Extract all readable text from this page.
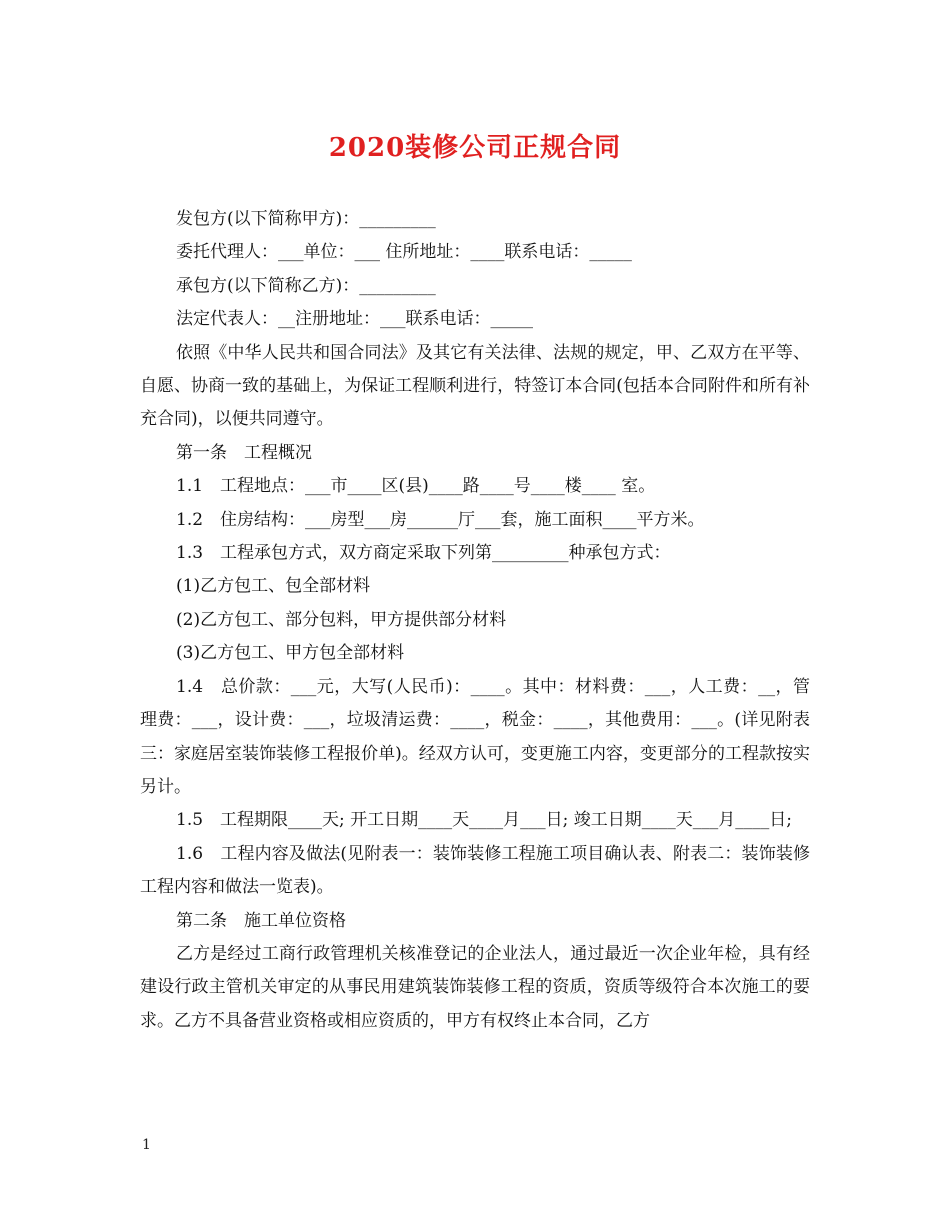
2020装修公司正规合同

发包方(以下简称甲方)：_________

委托代理人：___单位：___ 住所地址：____联系电话：_____

承包方(以下简称乙方)：_________

法定代表人：__注册地址：___联系电话：_____

依照《中华人民共和国合同法》及其它有关法律、法规的规定，甲、乙双方在平等、自愿、协商一致的基础上，为保证工程顺利进行，特签订本合同(包括本合同附件和所有补充合同)，以便共同遵守。

第一条　工程概况

1.1　工程地点：___市____区(县)____路____号____楼____ 室。

1.2　住房结构：___房型___房______厅___套，施工面积____平方米。

1.3　工程承包方式，双方商定采取下列第_________种承包方式：

(1)乙方包工、包全部材料

(2)乙方包工、部分包料，甲方提供部分材料

(3)乙方包工、甲方包全部材料

1.4　总价款：___元，大写(人民币)：____。其中：材料费：___，人工费：__，管理费：___，设计费：___，垃圾清运费：____，税金：____，其他费用：___。(详见附表三：家庭居室装饰装修工程报价单)。经双方认可，变更施工内容，变更部分的工程款按实另计。

1.5　工程期限____天; 开工日期____天____月___日; 竣工日期____天___月____日;

1.6　工程内容及做法(见附表一：装饰装修工程施工项目确认表、附表二：装饰装修工程内容和做法一览表)。

第二条　施工单位资格

乙方是经过工商行政管理机关核准登记的企业法人，通过最近一次企业年检，具有经建设行政主管机关审定的从事民用建筑装饰装修工程的资质，资质等级符合本次施工的要求。乙方不具备营业资格或相应资质的，甲方有权终止本合同，乙方

1
